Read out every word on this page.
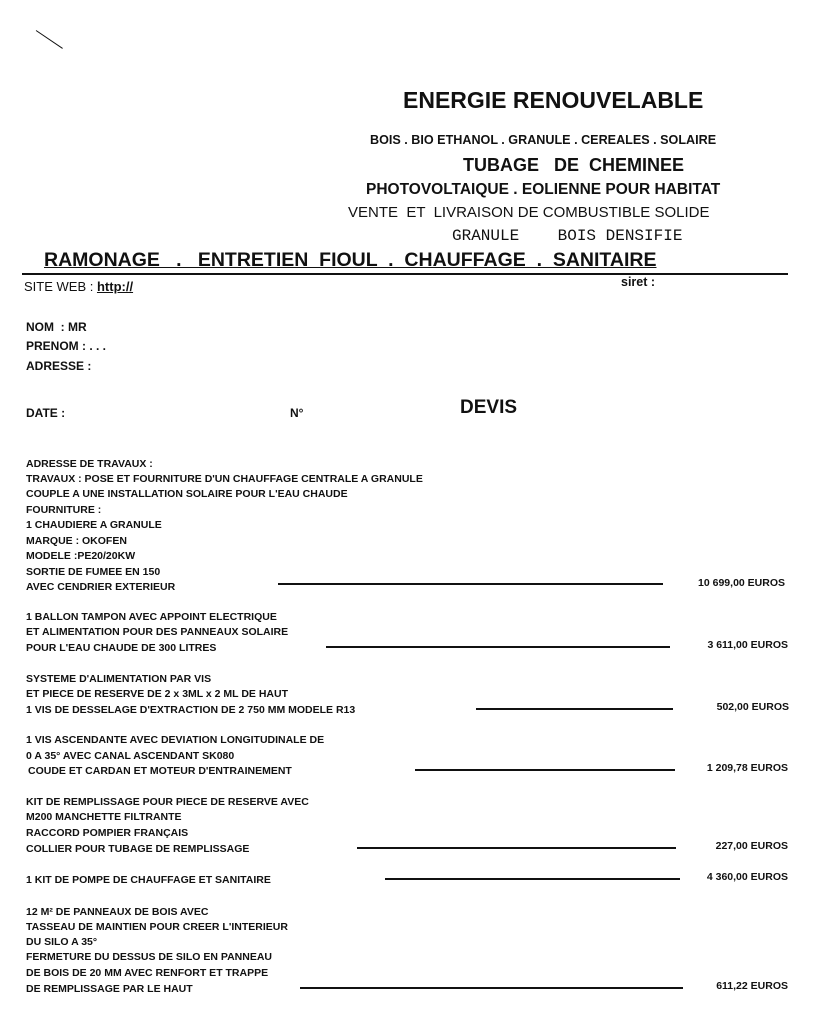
ENERGIE RENOUVELABLE
BOIS . BIO ETHANOL . GRANULE . CEREALES . SOLAIRE
TUBAGE   DE  CHEMINEE
PHOTOVOLTAIQUE . EOLIENNE POUR HABITAT
VENTE  ET  LIVRAISON DE COMBUSTIBLE SOLIDE
GRANULE    BOIS DENSIFIE
RAMONAGE   .   ENTRETIEN  FIOUL  .  CHAUFFAGE  .  SANITAIRE
SITE WEB : http://	siret :
NOM  : MR
PRENOM : . . .
ADRESSE :
DATE :	N°	DEVIS
ADRESSE DE TRAVAUX :
TRAVAUX : POSE ET FOURNITURE D'UN CHAUFFAGE CENTRALE A GRANULE
COUPLE A UNE INSTALLATION SOLAIRE POUR L'EAU CHAUDE
FOURNITURE :
1 CHAUDIERE A GRANULE
MARQUE : OKOFEN
MODELE :PE20/20KW
SORTIE DE FUMEE EN 150
AVEC CENDRIER EXTERIEUR	10 699,00 EUROS
1 BALLON TAMPON AVEC APPOINT ELECTRIQUE
ET ALIMENTATION POUR DES PANNEAUX SOLAIRE
POUR L'EAU CHAUDE DE 300 LITRES	3 611,00 EUROS
SYSTEME D'ALIMENTATION PAR VIS
ET PIECE DE RESERVE DE 2 x 3ML x 2 ML DE HAUT
1 VIS DE DESSELAGE D'EXTRACTION DE 2 750 MM MODELE R13	502,00 EUROS
1 VIS ASCENDANTE AVEC DEVIATION LONGITUDINALE DE
0 A 35° AVEC CANAL ASCENDANT SK080
COUDE ET CARDAN ET MOTEUR D'ENTRAINEMENT	1 209,78 EUROS
KIT DE REMPLISSAGE POUR PIECE DE RESERVE AVEC
M200 MANCHETTE FILTRANTE
RACCORD POMPIER FRANÇAIS
COLLIER POUR TUBAGE DE REMPLISSAGE	227,00 EUROS
1 KIT DE POMPE DE CHAUFFAGE ET SANITAIRE	4 360,00 EUROS
12 M² DE PANNEAUX DE BOIS AVEC
TASSEAU DE MAINTIEN POUR CREER L'INTERIEUR
DU SILO A 35°
FERMETURE DU DESSUS DE SILO EN PANNEAU
DE BOIS DE 20 MM AVEC RENFORT ET TRAPPE
DE REMPLISSAGE PAR LE HAUT	611,22 EUROS
